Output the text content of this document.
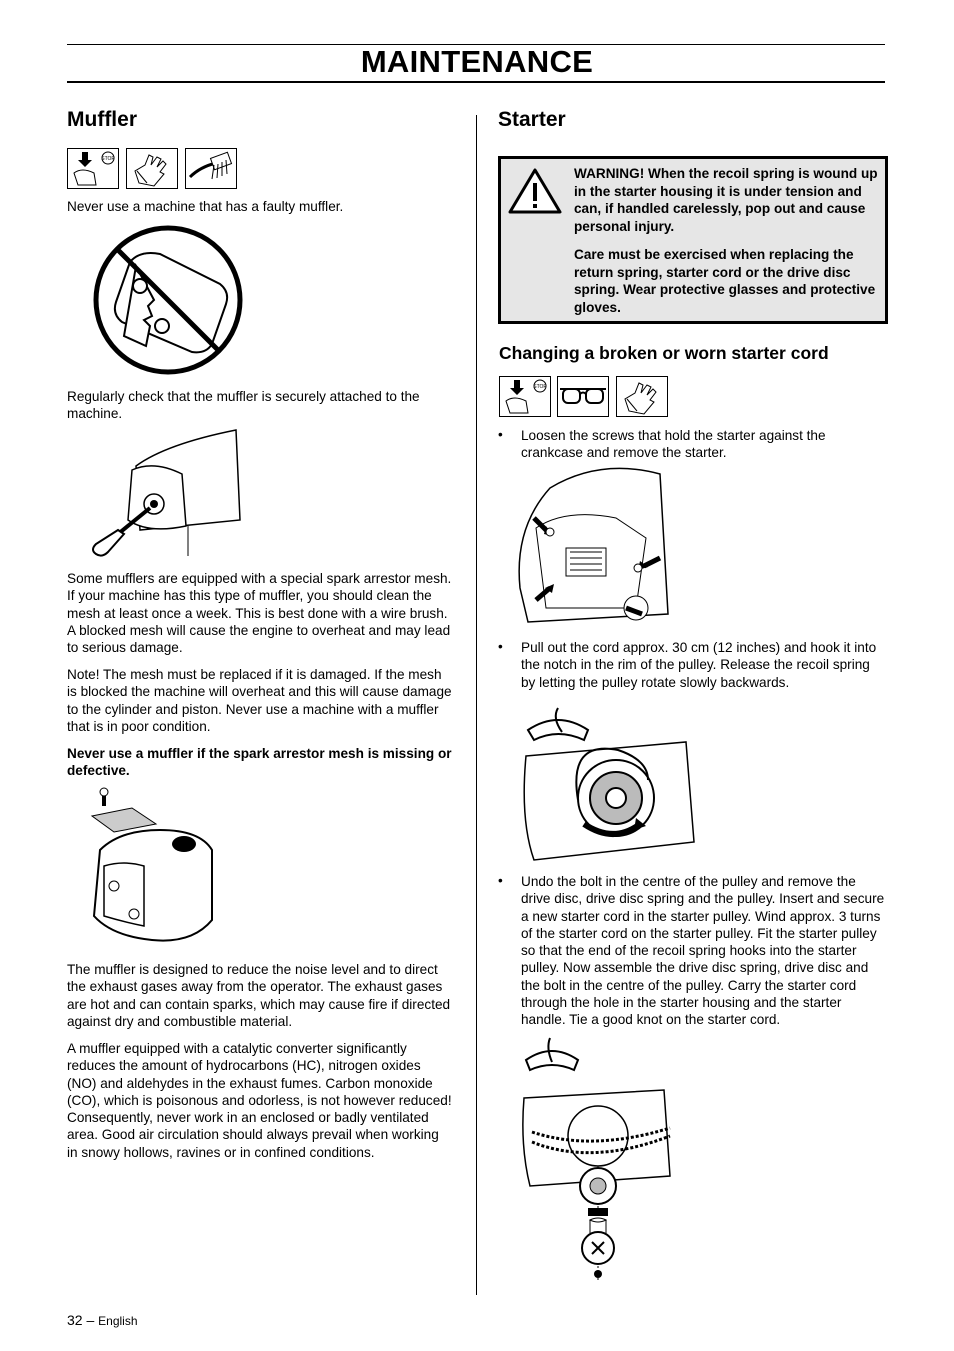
MAINTENANCE
Muffler
STOP

Never use a machine that has a faulty muffler.

Regularly check that the muffler is securely attached to the machine.

Some mufflers are equipped with a special spark arrestor mesh. If your machine has this type of muffler, you should clean the mesh at least once a week. This is best done with a wire brush. A blocked mesh will cause the engine to overheat and may lead to serious damage.

Note! The mesh must be replaced if it is damaged. If the mesh is blocked the machine will overheat and this will cause damage to the cylinder and piston. Never use a machine with a muffler that is in poor condition.

Never use a muffler if the spark arrestor mesh is missing or defective.

The muffler is designed to reduce the noise level and to direct the exhaust gases away from the operator. The exhaust gases are hot and can contain sparks, which may cause fire if directed against dry and combustible material.

A muffler equipped with a catalytic converter significantly reduces the amount of hydrocarbons (HC), nitrogen oxides (NO) and aldehydes in the exhaust fumes. Carbon monoxide (CO), which is poisonous and odorless, is not however reduced! Consequently, never work in an enclosed or badly ventilated area. Good air circulation should always prevail when working in snowy hollows, ravines or in confined conditions.

Starter

WARNING! When the recoil spring is wound up in the starter housing it is under tension and can, if handled carelessly, pop out and cause personal injury.

Care must be exercised when replacing the return spring, starter cord or the drive disc spring. Wear protective glasses and protective gloves.

Changing a broken or worn starter cord
STOP
• Loosen the screws that hold the starter against the crankcase and remove the starter.

• Pull out the cord approx. 30 cm (12 inches) and hook it into the notch in the rim of the pulley. Release the recoil spring by letting the pulley rotate slowly backwards.

• Undo the bolt in the centre of the pulley and remove the drive disc, drive disc spring and the pulley. Insert and secure a new starter cord in the starter pulley. Wind approx. 3 turns of the starter cord on the starter pulley. Fit the starter pulley so that the end of the recoil spring hooks into the starter pulley. Now assemble the drive disc spring, drive disc and the bolt in the centre of the pulley. Carry the starter cord through the hole in the starter housing and the starter handle. Tie a good knot on the starter cord.

32 – English
